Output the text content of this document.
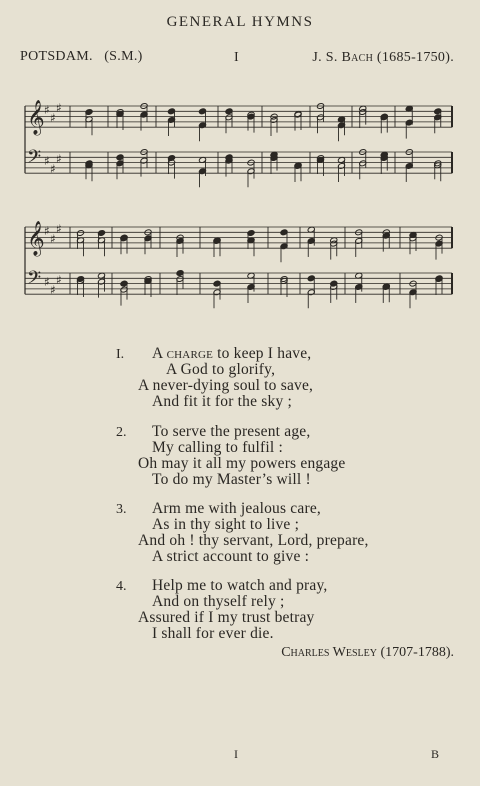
GENERAL HYMNS
POTSDAM. (S.M.)	I	J. S. Bach (1685-1750).
𝄞
𝄢
♯
♯
♯
♯
♯
♯
𝄞
𝄢
♯
♯
♯
♯
♯
♯
I. A charge to keep I have,
A God to glorify,
A never-dying soul to save,
And fit it for the sky ;
2. To serve the present age,
My calling to fulfil :
Oh may it all my powers engage
To do my Master’s will !
3. Arm me with jealous care,
As in thy sight to live ;
And oh ! thy servant, Lord, prepare,
A strict account to give :
4. Help me to watch and pray,
And on thyself rely ;
Assured if I my trust betray
I shall for ever die.
Charles Wesley (1707-1788).
I	B
